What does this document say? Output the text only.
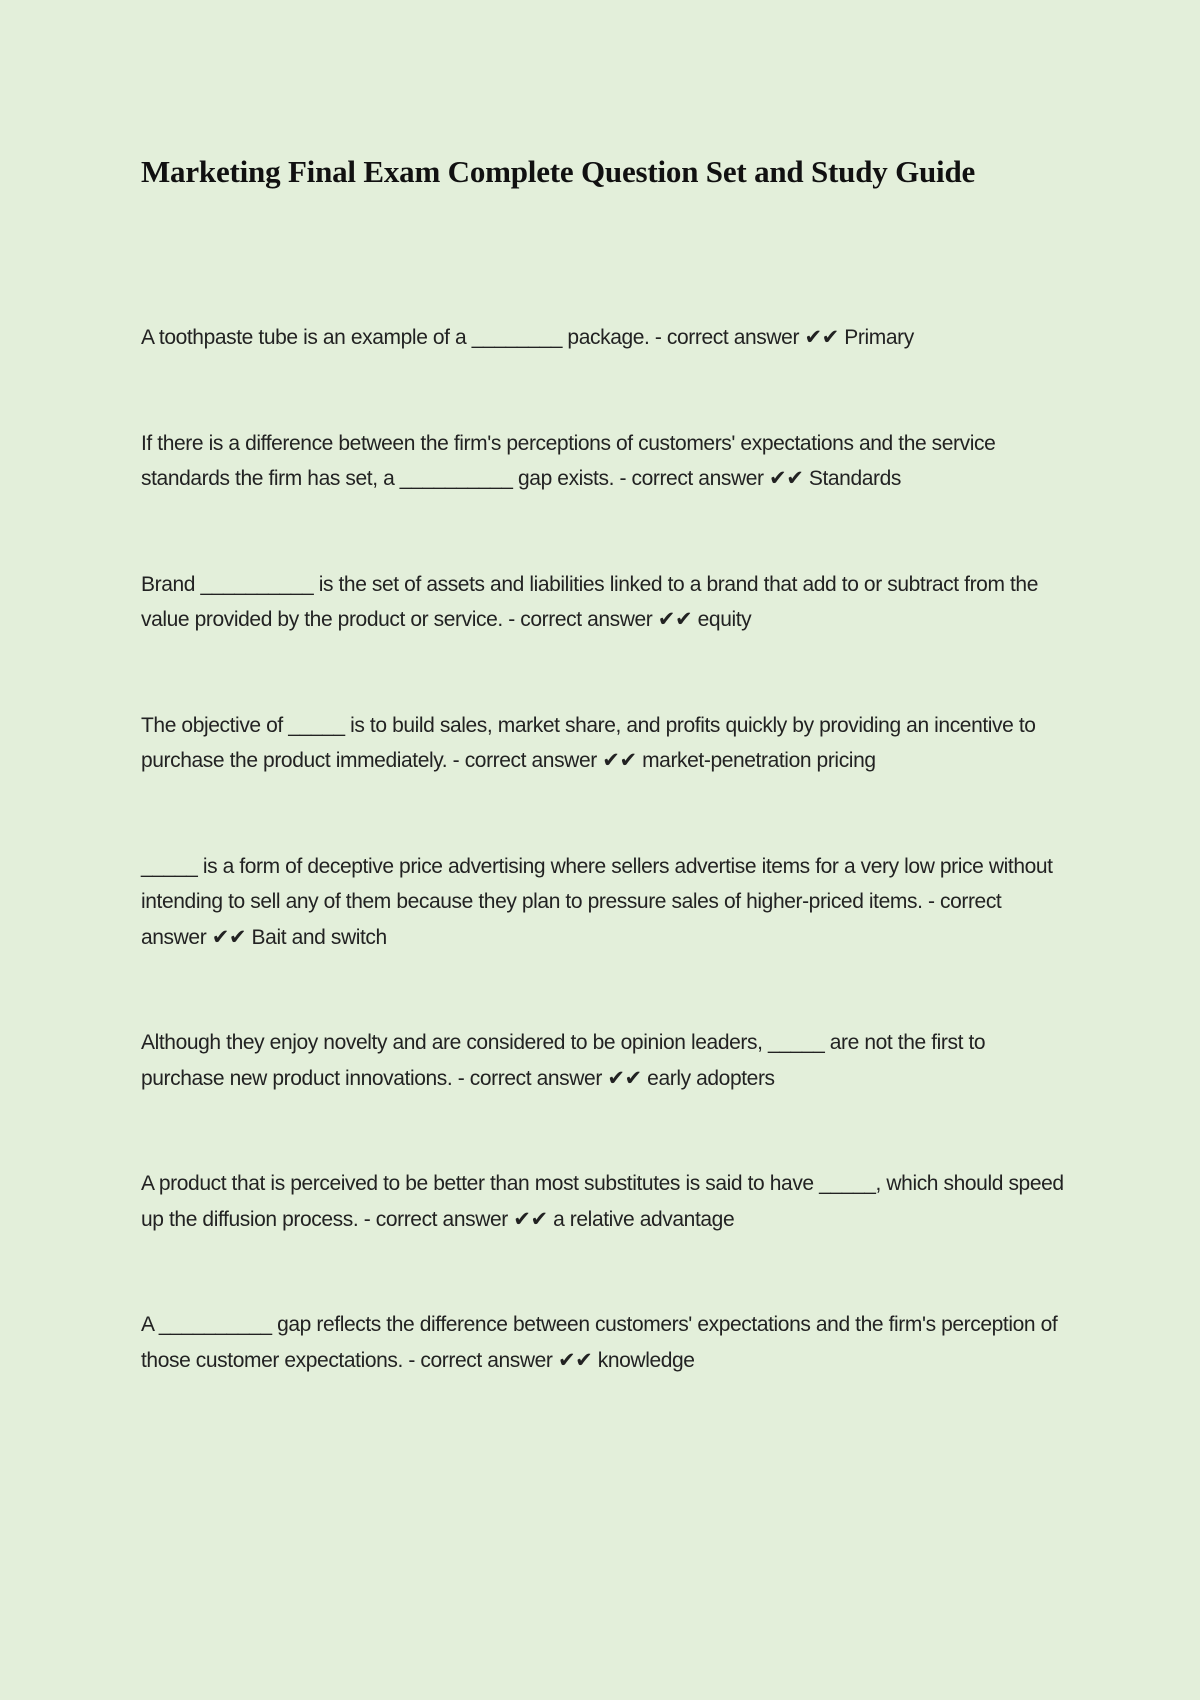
Marketing Final Exam Complete Question Set and Study Guide

A toothpaste tube is an example of a ________ package. - correct answer ✔✔ Primary

If there is a difference between the firm's perceptions of customers' expectations and the service standards the firm has set, a __________ gap exists. - correct answer ✔✔ Standards

Brand __________ is the set of assets and liabilities linked to a brand that add to or subtract from the value provided by the product or service. - correct answer ✔✔ equity

The objective of _____ is to build sales, market share, and profits quickly by providing an incentive to purchase the product immediately. - correct answer ✔✔ market-penetration pricing

_____ is a form of deceptive price advertising where sellers advertise items for a very low price without intending to sell any of them because they plan to pressure sales of higher-priced items. - correct answer ✔✔ Bait and switch

Although they enjoy novelty and are considered to be opinion leaders, _____ are not the first to purchase new product innovations. - correct answer ✔✔ early adopters

A product that is perceived to be better than most substitutes is said to have _____, which should speed up the diffusion process. - correct answer ✔✔ a relative advantage

A __________ gap reflects the difference between customers' expectations and the firm's perception of those customer expectations. - correct answer ✔✔ knowledge
